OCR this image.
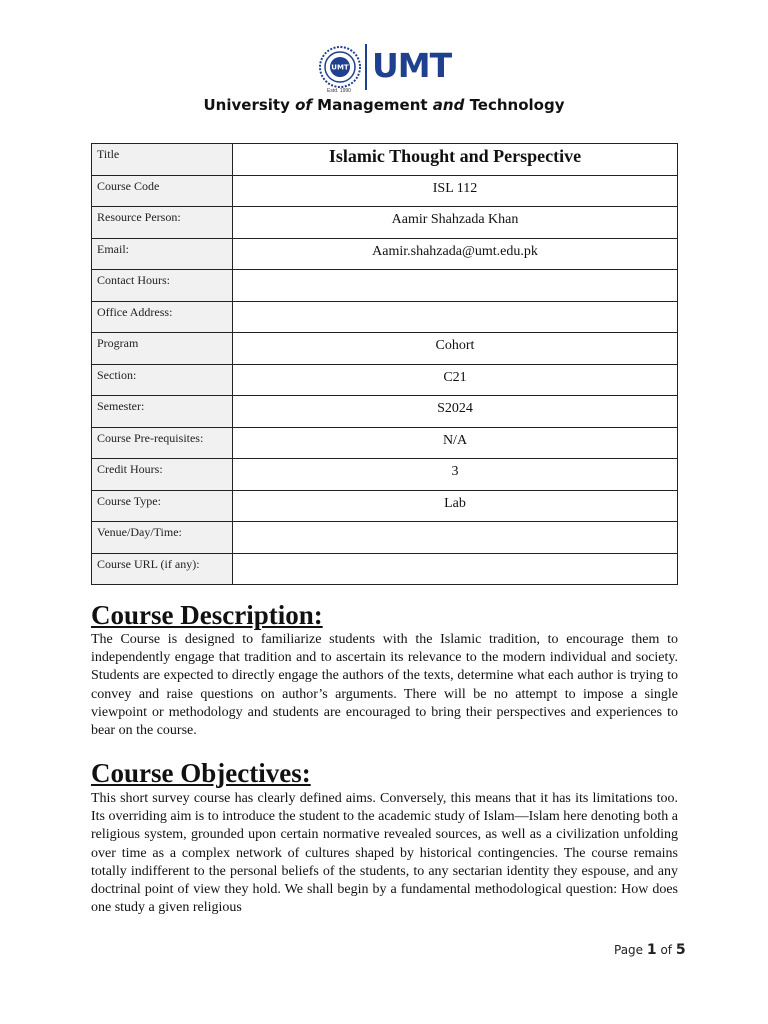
UMT UMT
Estd. 1990
University of Management and Technology
Title	Islamic Thought and Perspective
Course Code	ISL 112
Resource Person:	Aamir Shahzada Khan
Email:	Aamir.shahzada@umt.edu.pk
Contact Hours:	
Office Address:	
Program	Cohort
Section:	C21
Semester:	S2024
Course Pre-requisites:	N/A
Credit Hours:	3
Course Type:	Lab
Venue/Day/Time:	
Course URL (if any):	
Course Description:

The Course is designed to familiarize students with the Islamic tradition, to encourage them to independently engage that tradition and to ascertain its relevance to the modern individual and society. Students are expected to directly engage the authors of the texts, determine what each author is trying to convey and raise questions on author’s arguments. There will be no attempt to impose a single viewpoint or methodology and students are encouraged to bring their perspectives and experiences to bear on the course.

Course Objectives:

This short survey course has clearly defined aims. Conversely, this means that it has its limitations too. Its overriding aim is to introduce the student to the academic study of Islam—Islam here denoting both a religious system, grounded upon certain normative revealed sources, as well as a civilization unfolding over time as a complex network of cultures shaped by historical contingencies. The course remains totally indifferent to the personal beliefs of the students, to any sectarian identity they espouse, and any doctrinal point of view they hold. We shall begin by a fundamental methodological question: How does one study a given religious

Page 1 of 5
